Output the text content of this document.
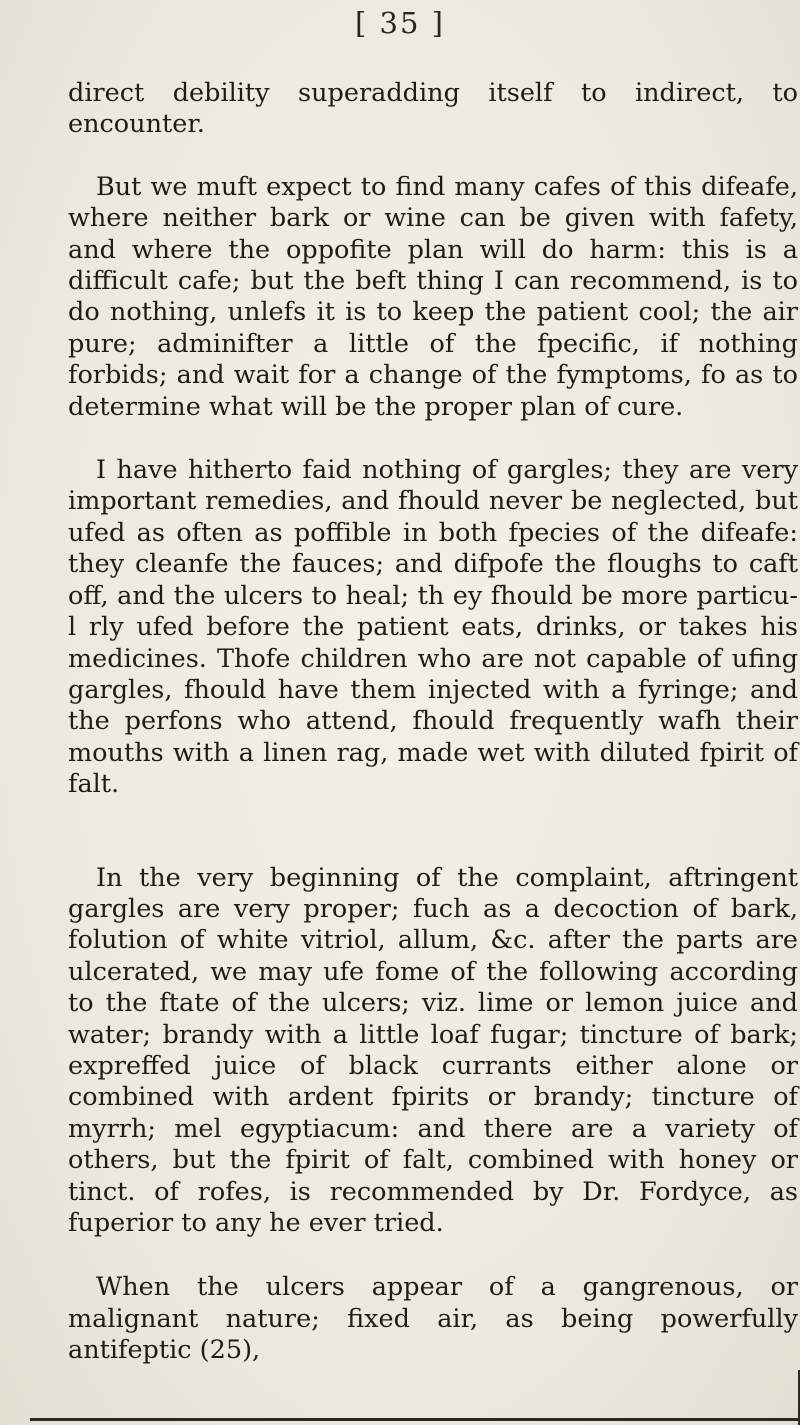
[ 35 ]

direct debility superadding itself to indirect, to encounter.

But we muft expect to find many cafes of this difeafe, where neither bark or wine can be given with fafety, and where the oppofite plan will do harm: this is a difficult cafe; but the beft thing I can recommend, is to do nothing, unlefs it is to keep the patient cool; the air pure; adminifter a little of the fpecific, if nothing forbids; and wait for a change of the fymptoms, fo as to determine what will be the proper plan of cure.

I have hitherto faid nothing of gargles; they are very important remedies, and fhould never be neglected, but ufed as often as poffible in both fpecies of the difeafe: they cleanfe the fauces; and difpofe the floughs to caft off, and the ulcers to heal; th ey fhould be more particu-l rly ufed before the patient eats, drinks, or takes his medicines. Thofe children who are not capable of ufing gargles, fhould have them injected with a fyringe; and the perfons who attend, fhould frequently wafh their mouths with a linen rag, made wet with diluted fpirit of falt.

In the very beginning of the complaint, aftringent gargles are very proper; fuch as a decoction of bark, folution of white vitriol, allum, &c. after the parts are ulcerated, we may ufe fome of the following according to the ftate of the ulcers; viz. lime or lemon juice and water; brandy with a little loaf fugar; tincture of bark; expreffed juice of black currants either alone or combined with ardent fpirits or brandy; tincture of myrrh; mel egyptiacum: and there are a variety of others, but the fpirit of falt, combined with honey or tinct. of rofes, is recommended by Dr. Fordyce, as fuperior to any he ever tried.

When the ulcers appear of a gangrenous, or malignant nature; fixed air, as being powerfully antifeptic (25),
